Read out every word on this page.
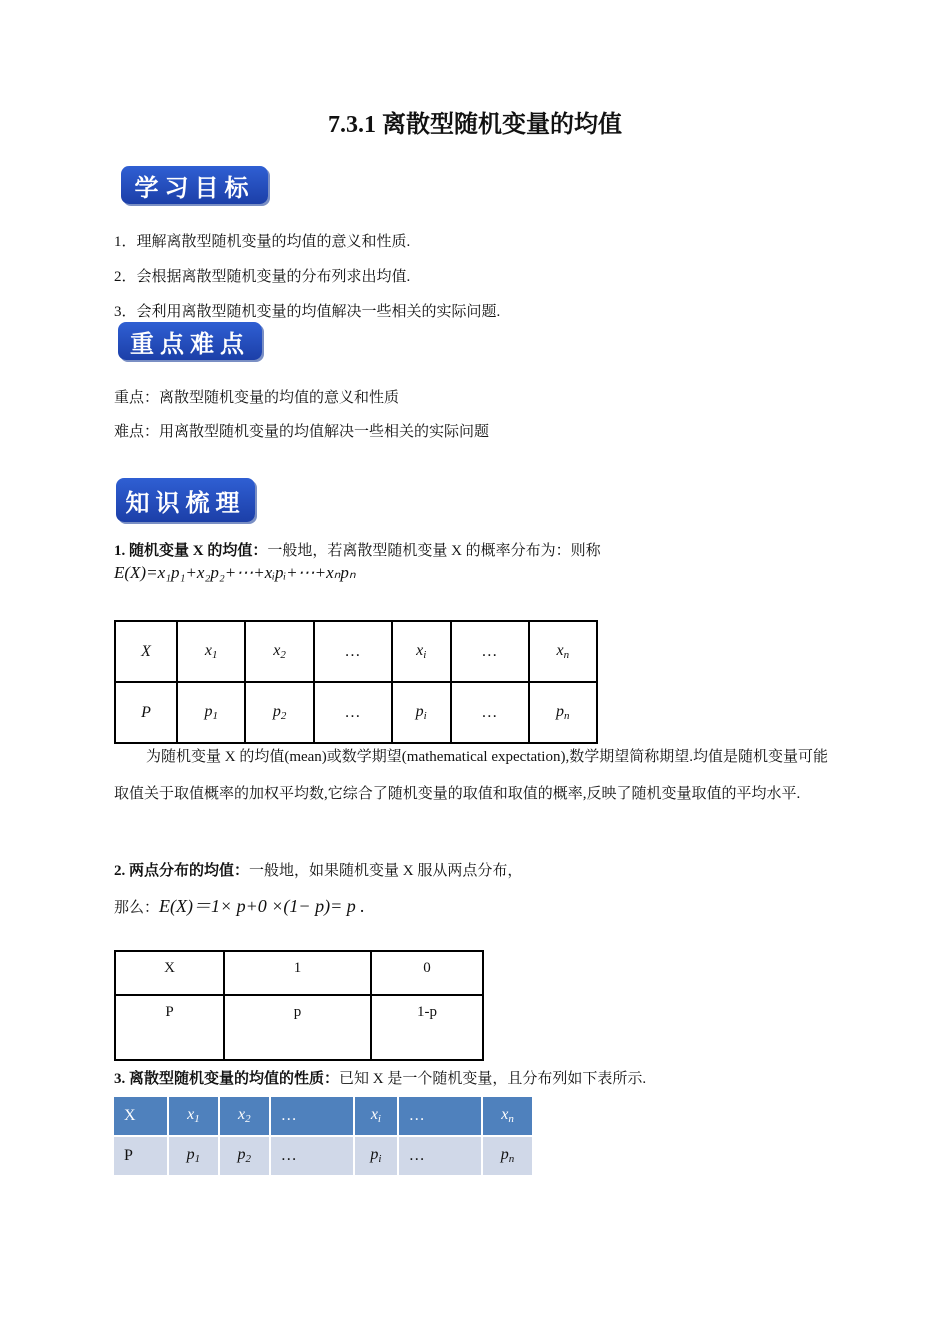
7.3.1 离散型随机变量的均值
学习目标
1．理解离散型随机变量的均值的意义和性质.
2．会根据离散型随机变量的分布列求出均值.
3．会利用离散型随机变量的均值解决一些相关的实际问题.
重点难点
重点：离散型随机变量的均值的意义和性质
难点：用离散型随机变量的均值解决一些相关的实际问题
知识梳理
1. 随机变量 X 的均值：一般地，若离散型随机变量 X 的概率分布为：则称
E(X)=x₁p₁+x₂p₂+⋯+xᵢpᵢ+⋯+xₙpₙ
X	$x_1$	$x_2$	…	$x_i$	…	$x_n$
P	$p_1$	$p_2$	…	$p_i$	…	$p_n$
为随机变量 X 的均值(mean)或数学期望(mathematical expectation),数学期望简称期望.均值是随机变量可能取值关于取值概率的加权平均数,它综合了随机变量的取值和取值的概率,反映了随机变量取值的平均水平.
2. 两点分布的均值：一般地，如果随机变量 X 服从两点分布，
那么：E(X)＝1× p+0 ×(1− p)= p .
X	1	0
P	p	1-p
3. 离散型随机变量的均值的性质：已知 X 是一个随机变量，且分布列如下表所示.
X	$x_1$	$x_2$	…	$x_i$	…	$x_n$
P	$p_1$	$p_2$	…	$p_i$	…	$p_n$
